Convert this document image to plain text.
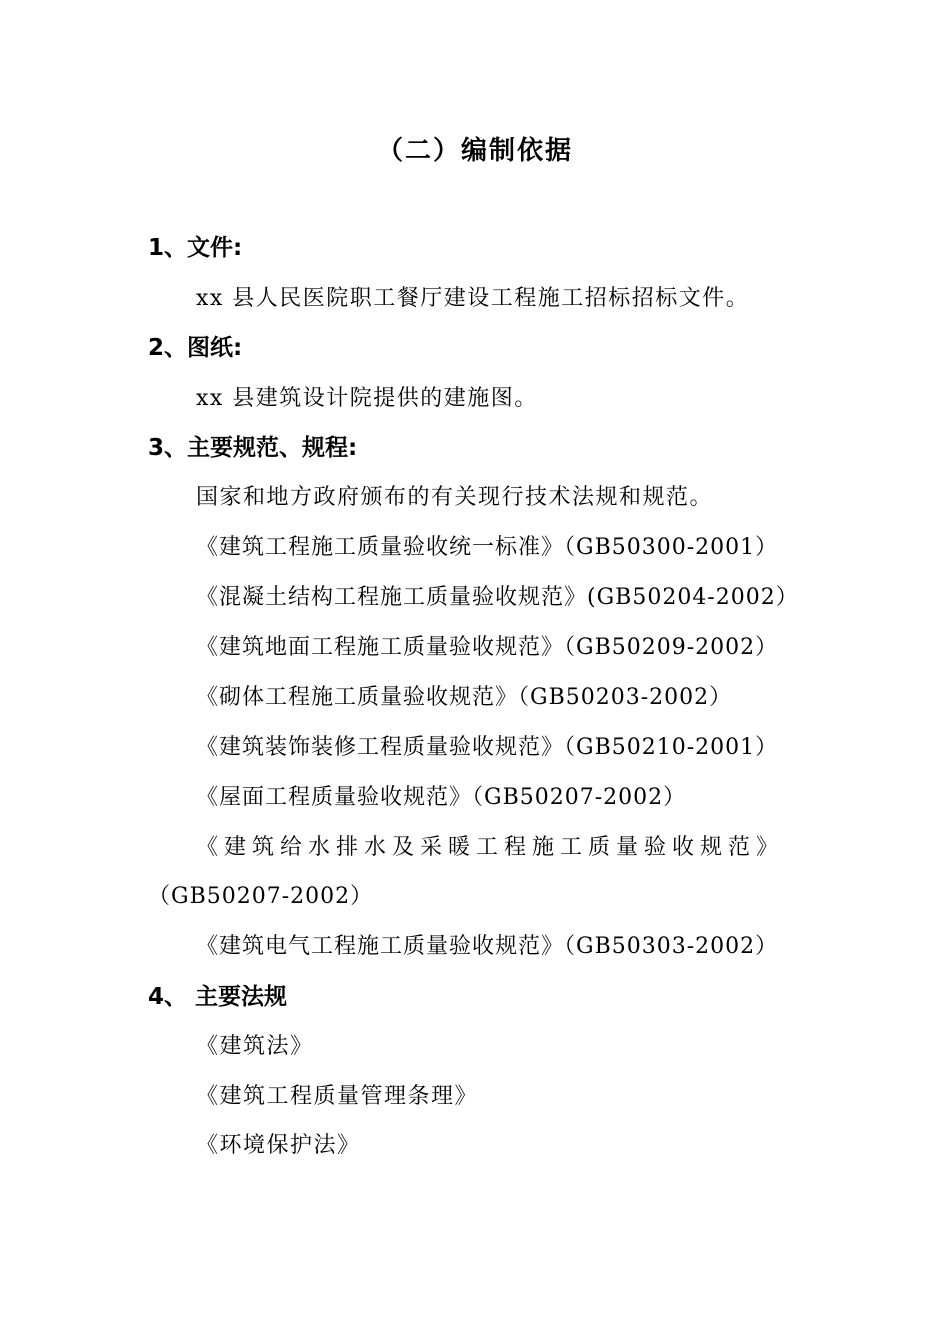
（二）编制依据
1、文件:
xx 县人民医院职工餐厅建设工程施工招标招标文件。
2、图纸:
xx 县建筑设计院提供的建施图。
3、主要规范、规程:
国家和地方政府颁布的有关现行技术法规和规范。
《建筑工程施工质量验收统一标准》（GB50300-2001）
《混凝土结构工程施工质量验收规范》(GB50204-2002）
《建筑地面工程施工质量验收规范》（GB50209-2002）
《砌体工程施工质量验收规范》（GB50203-2002）
《建筑装饰装修工程质量验收规范》（GB50210-2001）
《屋面工程质量验收规范》（GB50207-2002）
《建筑给水排水及采暖工程施工质量验收规范》
（GB50207-2002）
《建筑电气工程施工质量验收规范》（GB50303-2002）
4、 主要法规
《建筑法》
《建筑工程质量管理条理》
《环境保护法》
